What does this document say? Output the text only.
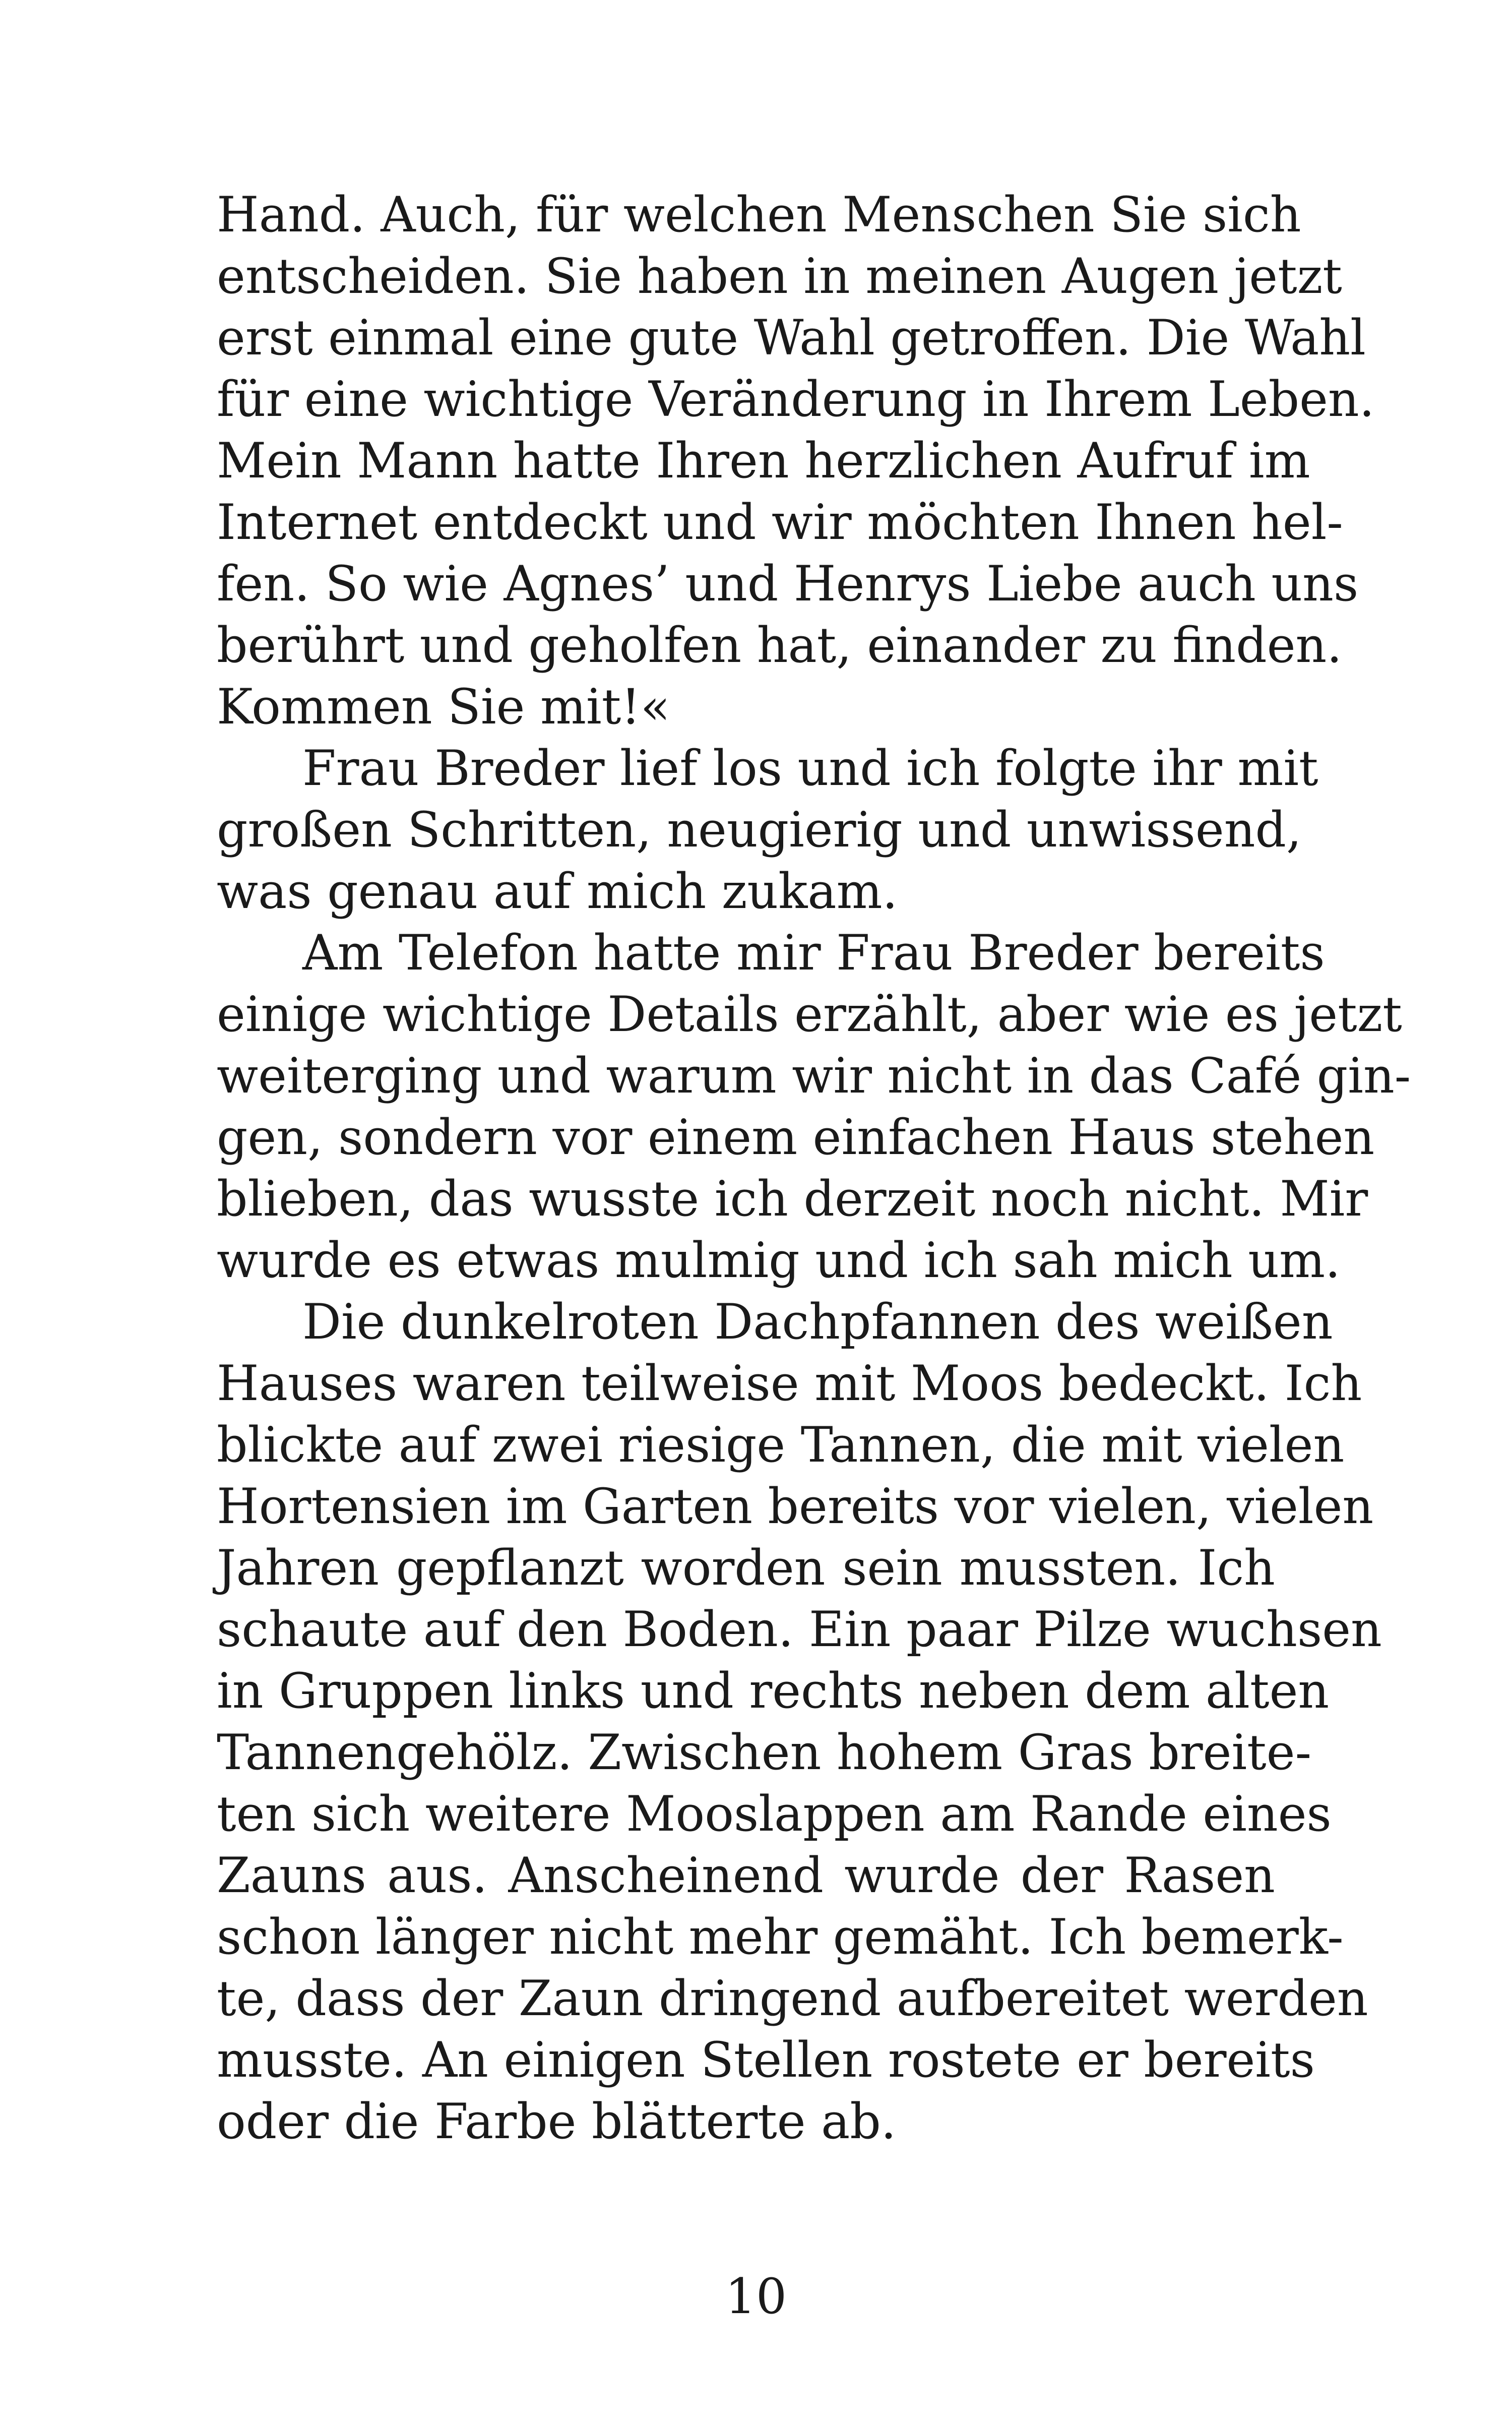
Hand. Auch, für welchen Menschen Sie sich
entscheiden. Sie haben in meinen Augen jetzt
erst einmal eine gute Wahl getroffen. Die Wahl
für eine wichtige Veränderung in Ihrem Leben.
Mein Mann hatte Ihren herzlichen Aufruf im
Internet entdeckt und wir möchten Ihnen hel-
fen. So wie Agnes’ und Henrys Liebe auch uns
berührt und geholfen hat, einander zu finden.
Kommen Sie mit!«
Frau Breder lief los und ich folgte ihr mit
großen Schritten, neugierig und unwissend,
was genau auf mich zukam.
Am Telefon hatte mir Frau Breder bereits
einige wichtige Details erzählt, aber wie es jetzt
weiterging und warum wir nicht in das Café gin-
gen, sondern vor einem einfachen Haus stehen
blieben, das wusste ich derzeit noch nicht. Mir
wurde es etwas mulmig und ich sah mich um.
Die dunkelroten Dachpfannen des weißen
Hauses waren teilweise mit Moos bedeckt. Ich
blickte auf zwei riesige Tannen, die mit vielen
Hortensien im Garten bereits vor vielen, vielen
Jahren gepflanzt worden sein mussten. Ich
schaute auf den Boden. Ein paar Pilze wuchsen
in Gruppen links und rechts neben dem alten
Tannengehölz. Zwischen hohem Gras breite-
ten sich weitere Mooslappen am Rande eines
Zauns aus. Anscheinend wurde der Rasen
schon länger nicht mehr gemäht. Ich bemerk-
te, dass der Zaun dringend aufbereitet werden
musste. An einigen Stellen rostete er bereits
oder die Farbe blätterte ab.
10
